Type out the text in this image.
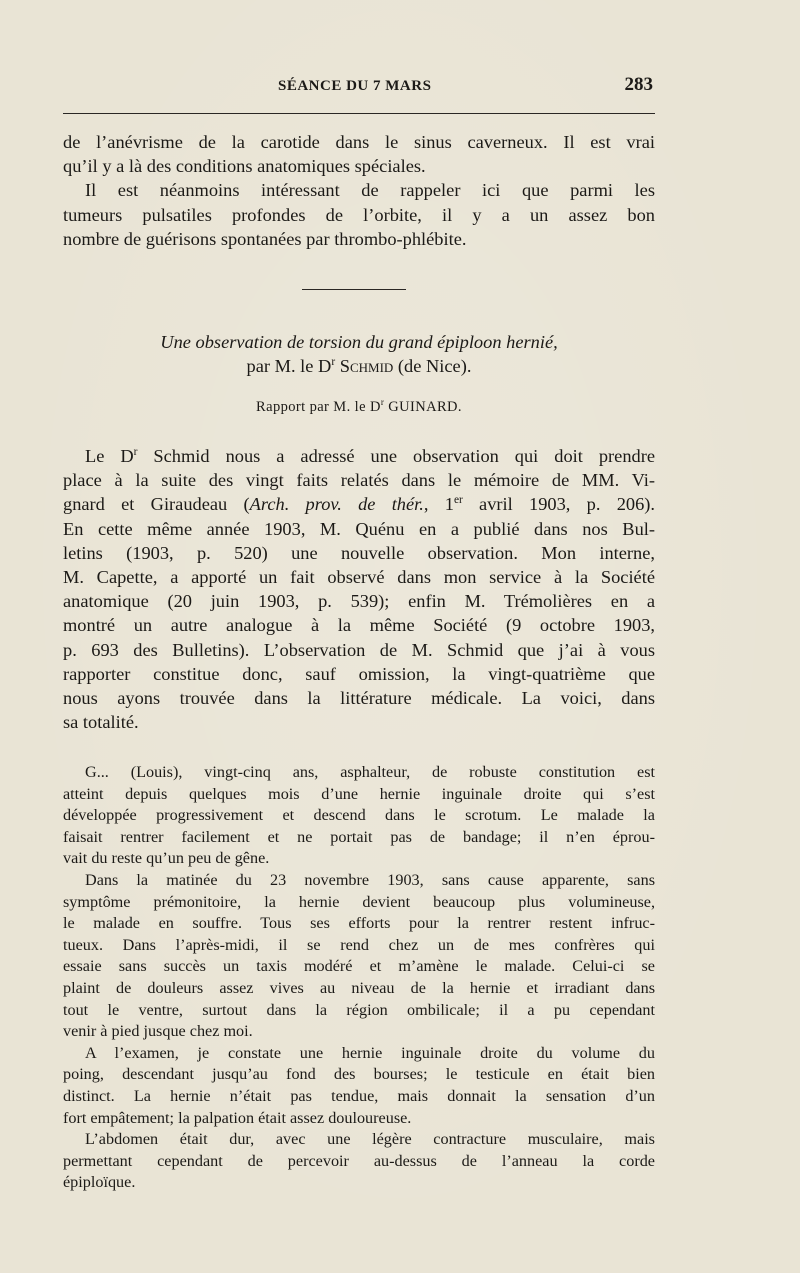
SÉANCE DU 7 MARS	283
de l’anévrisme de la carotide dans le sinus caverneux. Il est vrai
qu’il y a là des conditions anatomiques spéciales.
Il est néanmoins intéressant de rappeler ici que parmi les
tumeurs pulsatiles profondes de l’orbite, il y a un assez bon
nombre de guérisons spontanées par thrombo-phlébite.
Une observation de torsion du grand épiploon hernié,
par M. le $D^r$ Schmid (de Nice).
Rapport par M. le $D^r$ GUINARD.
Le $D^r$ Schmid nous a adressé une observation qui doit prendre
place à la suite des vingt faits relatés dans le mémoire de MM. Vi-
gnard et Giraudeau (Arch. prov. de thér., 1er avril 1903, p. 206).
En cette même année 1903, M. Quénu en a publié dans nos Bul-
letins (1903, p. 520) une nouvelle observation. Mon interne,
M. Capette, a apporté un fait observé dans mon service à la Société
anatomique (20 juin 1903, p. 539); enfin M. Trémolières en a
montré un autre analogue à la même Société (9 octobre 1903,
p. 693 des Bulletins). L’observation de M. Schmid que j’ai à vous
rapporter constitue donc, sauf omission, la vingt-quatrième que
nous ayons trouvée dans la littérature médicale. La voici, dans
sa totalité.
G... (Louis), vingt-cinq ans, asphalteur, de robuste constitution est
atteint depuis quelques mois d’une hernie inguinale droite qui s’est
développée progressivement et descend dans le scrotum. Le malade la
faisait rentrer facilement et ne portait pas de bandage; il n’en éprou-
vait du reste qu’un peu de gêne.
Dans la matinée du 23 novembre 1903, sans cause apparente, sans
symptôme prémonitoire, la hernie devient beaucoup plus volumineuse,
le malade en souffre. Tous ses efforts pour la rentrer restent infruc-
tueux. Dans l’après-midi, il se rend chez un de mes confrères qui
essaie sans succès un taxis modéré et m’amène le malade. Celui-ci se
plaint de douleurs assez vives au niveau de la hernie et irradiant dans
tout le ventre, surtout dans la région ombilicale; il a pu cependant
venir à pied jusque chez moi.
A l’examen, je constate une hernie inguinale droite du volume du
poing, descendant jusqu’au fond des bourses; le testicule en était bien
distinct. La hernie n’était pas tendue, mais donnait la sensation d’un
fort empâtement; la palpation était assez douloureuse.
L’abdomen était dur, avec une légère contracture musculaire, mais
permettant cependant de percevoir au-dessus de l’anneau la corde
épiploïque.
